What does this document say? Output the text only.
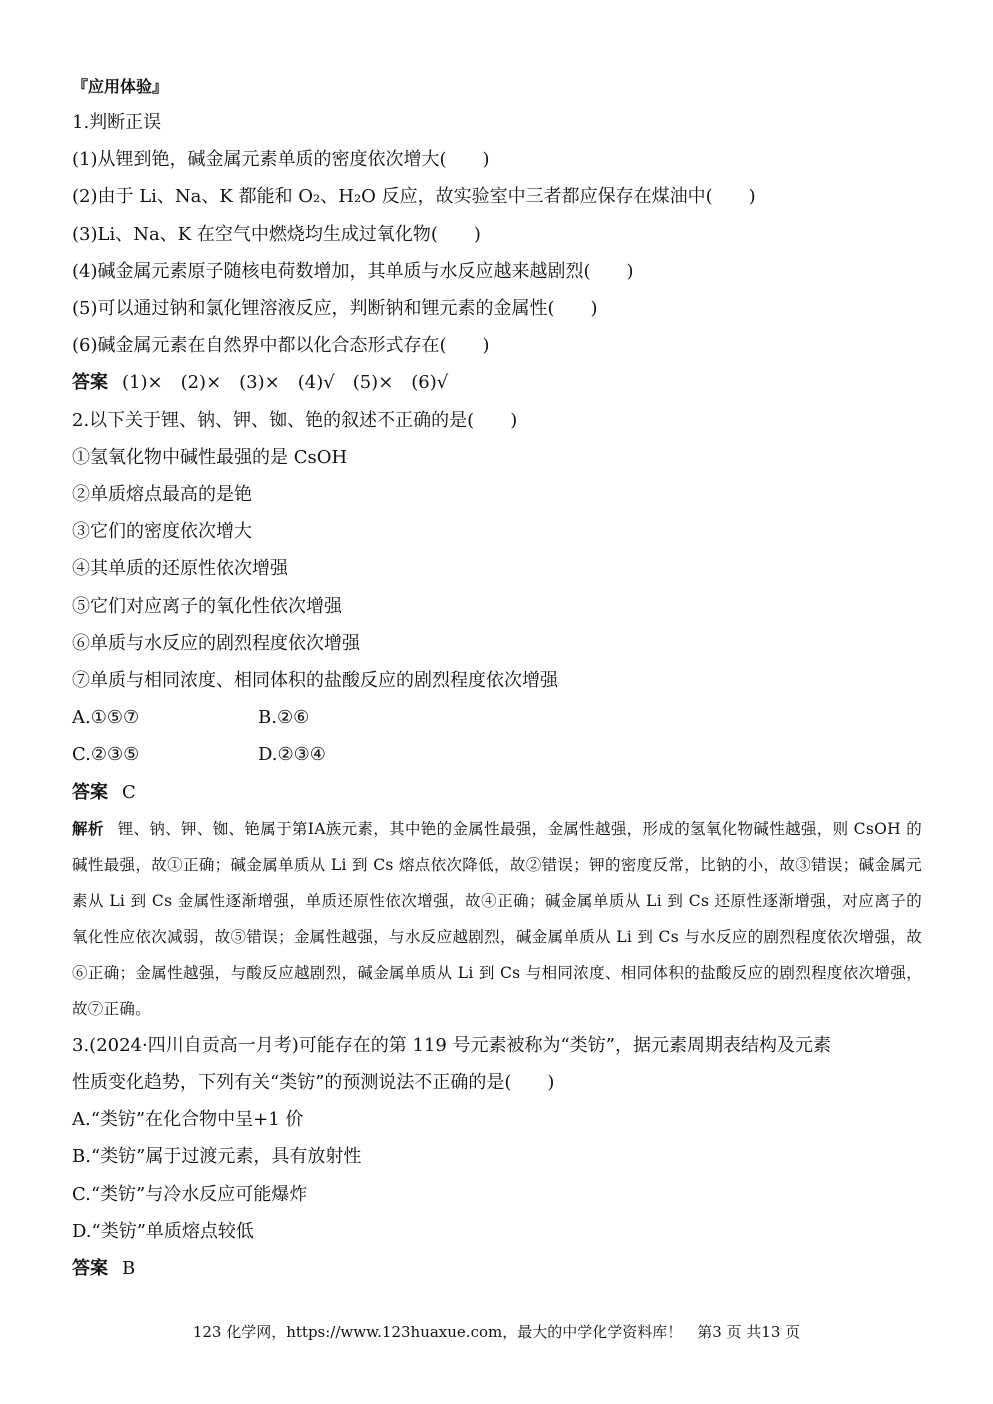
『应用体验』
1.判断正误
(1)从锂到铯，碱金属元素单质的密度依次增大(　　)
(2)由于 Li、Na、K 都能和 O₂、H₂O 反应，故实验室中三者都应保存在煤油中(　　)
(3)Li、Na、K 在空气中燃烧均生成过氧化物(　　)
(4)碱金属元素原子随核电荷数增加，其单质与水反应越来越剧烈(　　)
(5)可以通过钠和氯化锂溶液反应，判断钠和锂元素的金属性(　　)
(6)碱金属元素在自然界中都以化合态形式存在(　　)
答案 (1)×　(2)×　(3)×　(4)√　(5)×　(6)√
2.以下关于锂、钠、钾、铷、铯的叙述不正确的是(　　)
①氢氧化物中碱性最强的是 CsOH
②单质熔点最高的是铯
③它们的密度依次增大
④其单质的还原性依次增强
⑤它们对应离子的氧化性依次增强
⑥单质与水反应的剧烈程度依次增强
⑦单质与相同浓度、相同体积的盐酸反应的剧烈程度依次增强
A.①⑤⑦	B.②⑥
C.②③⑤	D.②③④
答案 C
解析 锂、钠、钾、铷、铯属于第ⅠA族元素，其中铯的金属性最强，金属性越强，形成的氢氧化物碱性越强，则 CsOH 的碱性最强，故①正确；碱金属单质从 Li 到 Cs 熔点依次降低，故②错误；钾的密度反常，比钠的小，故③错误；碱金属元素从 Li 到 Cs 金属性逐渐增强，单质还原性依次增强，故④正确；碱金属单质从 Li 到 Cs 还原性逐渐增强，对应离子的氧化性应依次减弱，故⑤错误；金属性越强，与水反应越剧烈，碱金属单质从 Li 到 Cs 与水反应的剧烈程度依次增强，故⑥正确；金属性越强，与酸反应越剧烈，碱金属单质从 Li 到 Cs 与相同浓度、相同体积的盐酸反应的剧烈程度依次增强，故⑦正确。
3.(2024·四川自贡高一月考)可能存在的第 119 号元素被称为“类钫”，据元素周期表结构及元素
性质变化趋势，下列有关“类钫”的预测说法不正确的是(　　)
A.“类钫”在化合物中呈+1 价
B.“类钫”属于过渡元素，具有放射性
C.“类钫”与冷水反应可能爆炸
D.“类钫”单质熔点较低
答案 B
123 化学网，https://www.123huaxue.com，最大的中学化学资料库！　第3 页 共13 页
